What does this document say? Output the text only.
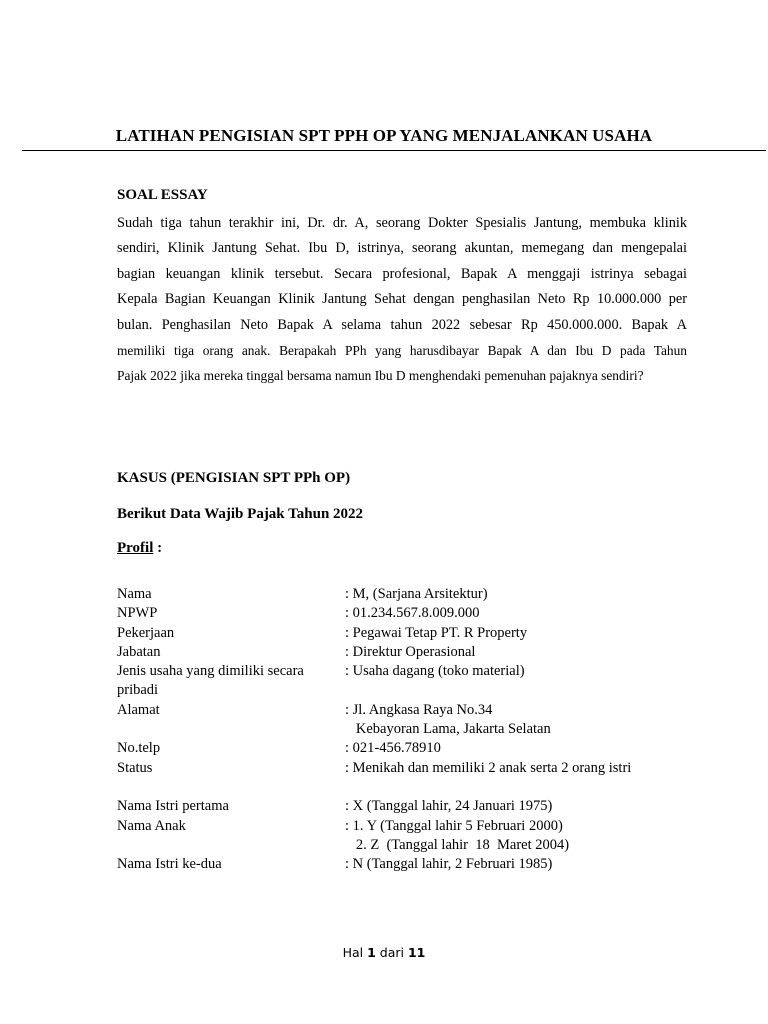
LATIHAN PENGISIAN SPT PPH OP YANG MENJALANKAN USAHA
SOAL ESSAY
Sudah tiga tahun terakhir ini, Dr. dr. A, seorang Dokter Spesialis Jantung, membuka klinik
sendiri, Klinik Jantung Sehat. Ibu D, istrinya, seorang akuntan, memegang dan mengepalai
bagian keuangan klinik tersebut. Secara profesional, Bapak A menggaji istrinya sebagai
Kepala Bagian Keuangan Klinik Jantung Sehat dengan penghasilan Neto Rp 10.000.000 per
bulan. Penghasilan Neto Bapak A selama tahun 2022 sebesar Rp 450.000.000. Bapak A
memiliki tiga orang anak. Berapakah PPh yang harusdibayar Bapak A dan Ibu D pada Tahun
Pajak 2022 jika mereka tinggal bersama namun Ibu D menghendaki pemenuhan pajaknya sendiri?
KASUS (PENGISIAN SPT PPh OP)
Berikut Data Wajib Pajak Tahun 2022
Profil :
Nama	: M, (Sarjana Arsitektur)
NPWP	: 01.234.567.8.009.000
Pekerjaan	: Pegawai Tetap PT. R Property
Jabatan	: Direktur Operasional
Jenis usaha yang dimiliki secara	: Usaha dagang (toko material)
pribadi
Alamat	: Jl. Angkasa Raya No.34
Kebayoran Lama, Jakarta Selatan
No.telp	: 021-456.78910
Status	: Menikah dan memiliki 2 anak serta 2 orang istri
Nama Istri pertama	: X (Tanggal lahir, 24 Januari 1975)
Nama Anak	: 1. Y (Tanggal lahir 5 Februari 2000)
2. Z  (Tanggal lahir  18  Maret 2004)
Nama Istri ke-dua	: N (Tanggal lahir, 2 Februari 1985)
Hal 1 dari 11
